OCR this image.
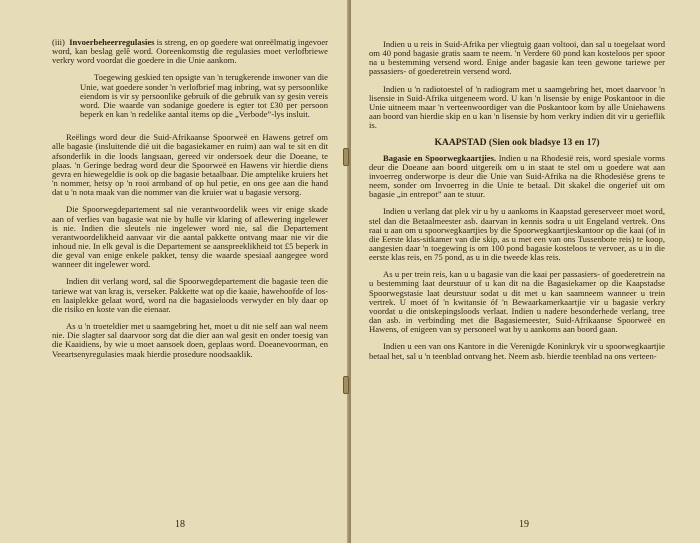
(iii) Invoerbeheerregulasies is streng, en op goedere wat onreëlmatig ingevoer word, kan beslag gelê word. Ooreenkomstig die regulasies moet verlofbriewe verkry word voordat die goedere in die Unie aankom.

Toegewing geskied ten opsigte van 'n terugkerende inwoner van die Unie, wat goedere sonder 'n verlofbrief mag inbring, wat sy persoonlike eiendom is vir sy persoonlike gebruik of die gebruik van sy gesin vereis word. Die waarde van sodanige goedere is egter tot £30 per persoon beperk en kan 'n redelike aantal items op die „Verbode”-lys insluit.

Reëlings word deur die Suid-Afrikaanse Spoorweë en Hawens getref om alle bagasie (insluitende dié uit die bagasiekamer en ruim) aan wal te sit en dit afsonderlik in die loods langsaan, gereed vir ondersoek deur die Doeane, te plaas. 'n Geringe bedrag word deur die Spoorweë en Hawens vir hierdie diens gevra en hiewegeldie is ook op die bagasie betaalbaar. Die amptelike kruiers het 'n nommer, hetsy op 'n rooi armband of op hul petie, en ons gee aan die hand dat u 'n nota maak van die nommer van die kruier wat u bagasie versorg.

Die Spoorwegdepartement sal nie verantwoordelik wees vir enige skade aan of verlies van bagasie wat nie by hulle vir klaring of aflewering ingelewer is nie. Indien die sleutels nie ingelewer word nie, sal die Departement verantwoordelikheid aanvaar vir die aantal pakkette ontvang maar nie vir die inhoud nie. In elk geval is die Departement se aanspreeklikheid tot £5 beperk in die geval van enige enkele pakket, tensy die waarde spesiaal aangegee word wanneer dit ingelewer word.

Indien dit verlang word, sal die Spoorwegdepartement die bagasie teen die tariewe wat van krag is, verseker. Pakkette wat op die kaaie, hawehoofde of los- en laaiplekke gelaat word, word na die bagasieloods verwyder en bly daar op die risiko en koste van die eienaar.

As u 'n troeteldier met u saamgebring het, moet u dit nie self aan wal neem nie. Die slagter sal daarvoor sorg dat die dier aan wal gesit en onder toesig van die Kaaidiens, by wie u moet aansoek doen, geplaas word. Doeanevoorman, en Veeartsenyregulasies maak hierdie prosedure noodsaaklik.

18

Indien u u reis in Suid-Afrika per vliegtuig gaan voltooi, dan sal u toegelaat word om 40 pond bagasie gratis saam te neem. 'n Verdere 60 pond kan kosteloos per spoor na u bestemming versend word. Enige ander bagasie kan teen gewone tariewe per passasiers- of goederetrein versend word.

Indien u 'n radiotoestel of 'n radiogram met u saamgebring het, moet daarvoor 'n lisensie in Suid-Afrika uitgeneem word. U kan 'n lisensie by enige Poskantoor in die Unie uitneem maar 'n verteenwoordiger van die Poskantoor kom by alle Uniehawens aan boord van hierdie skip en u kan 'n lisensie by hom verkry indien dit vir u gerieflik is.

KAAPSTAD (Sien ook bladsye 13 en 17)

Bagasie en Spoorwegkaartjies. Indien u na Rhodesië reis, word spesiale vorms deur die Doeane aan boord uitgereik om u in staat te stel om u goedere wat aan invoerreg onderworpe is deur die Unie van Suid-Afrika na die Rhodesiëse grens te neem, sonder om Invoerreg in die Unie te betaal. Dit skakel die ongerief uit om bagasie „in entrepot” aan te stuur.

Indien u verlang dat plek vir u by u aankoms in Kaapstad gereserveer moet word, stel dan die Betaalmeester asb. daarvan in kennis sodra u uit Engeland vertrek. Ons raai u aan om u spoorwegkaartjies by die Spoorwegkaartjieskantoor op die kaai (of in die Eerste klas-sitkamer van die skip, as u met een van ons Tussenbote reis) te koop, aangesien daar 'n toegewing is om 100 pond bagasie kosteloos te vervoer, as u in die eerste klas reis, en 75 pond, as u in die tweede klas reis.

As u per trein reis, kan u u bagasie van die kaai per passasiers- of goederetrein na u bestemming laat deurstuur of u kan dit na die Bagasiekamer op die Kaapstadse Spoorwegstasie laat deurstuur sodat u dit met u kan saamneem wanneer u trein vertrek. U moet óf 'n kwitansie óf 'n Bewaarkamerkaartjie vir u bagasie verkry voordat u die ontskepingsloods verlaat. Indien u nadere besonderhede verlang, tree dan asb. in verbinding met die Bagasiemeester, Suid-Afrikaanse Spoorweë en Hawens, of enigeen van sy personeel wat by u aankoms aan boord gaan.

Indien u een van ons Kantore in die Verenigde Koninkryk vir u spoorwegkaartjie betaal het, sal u 'n teenblad ontvang het. Neem asb. hierdie teenblad na ons verteen-

19
